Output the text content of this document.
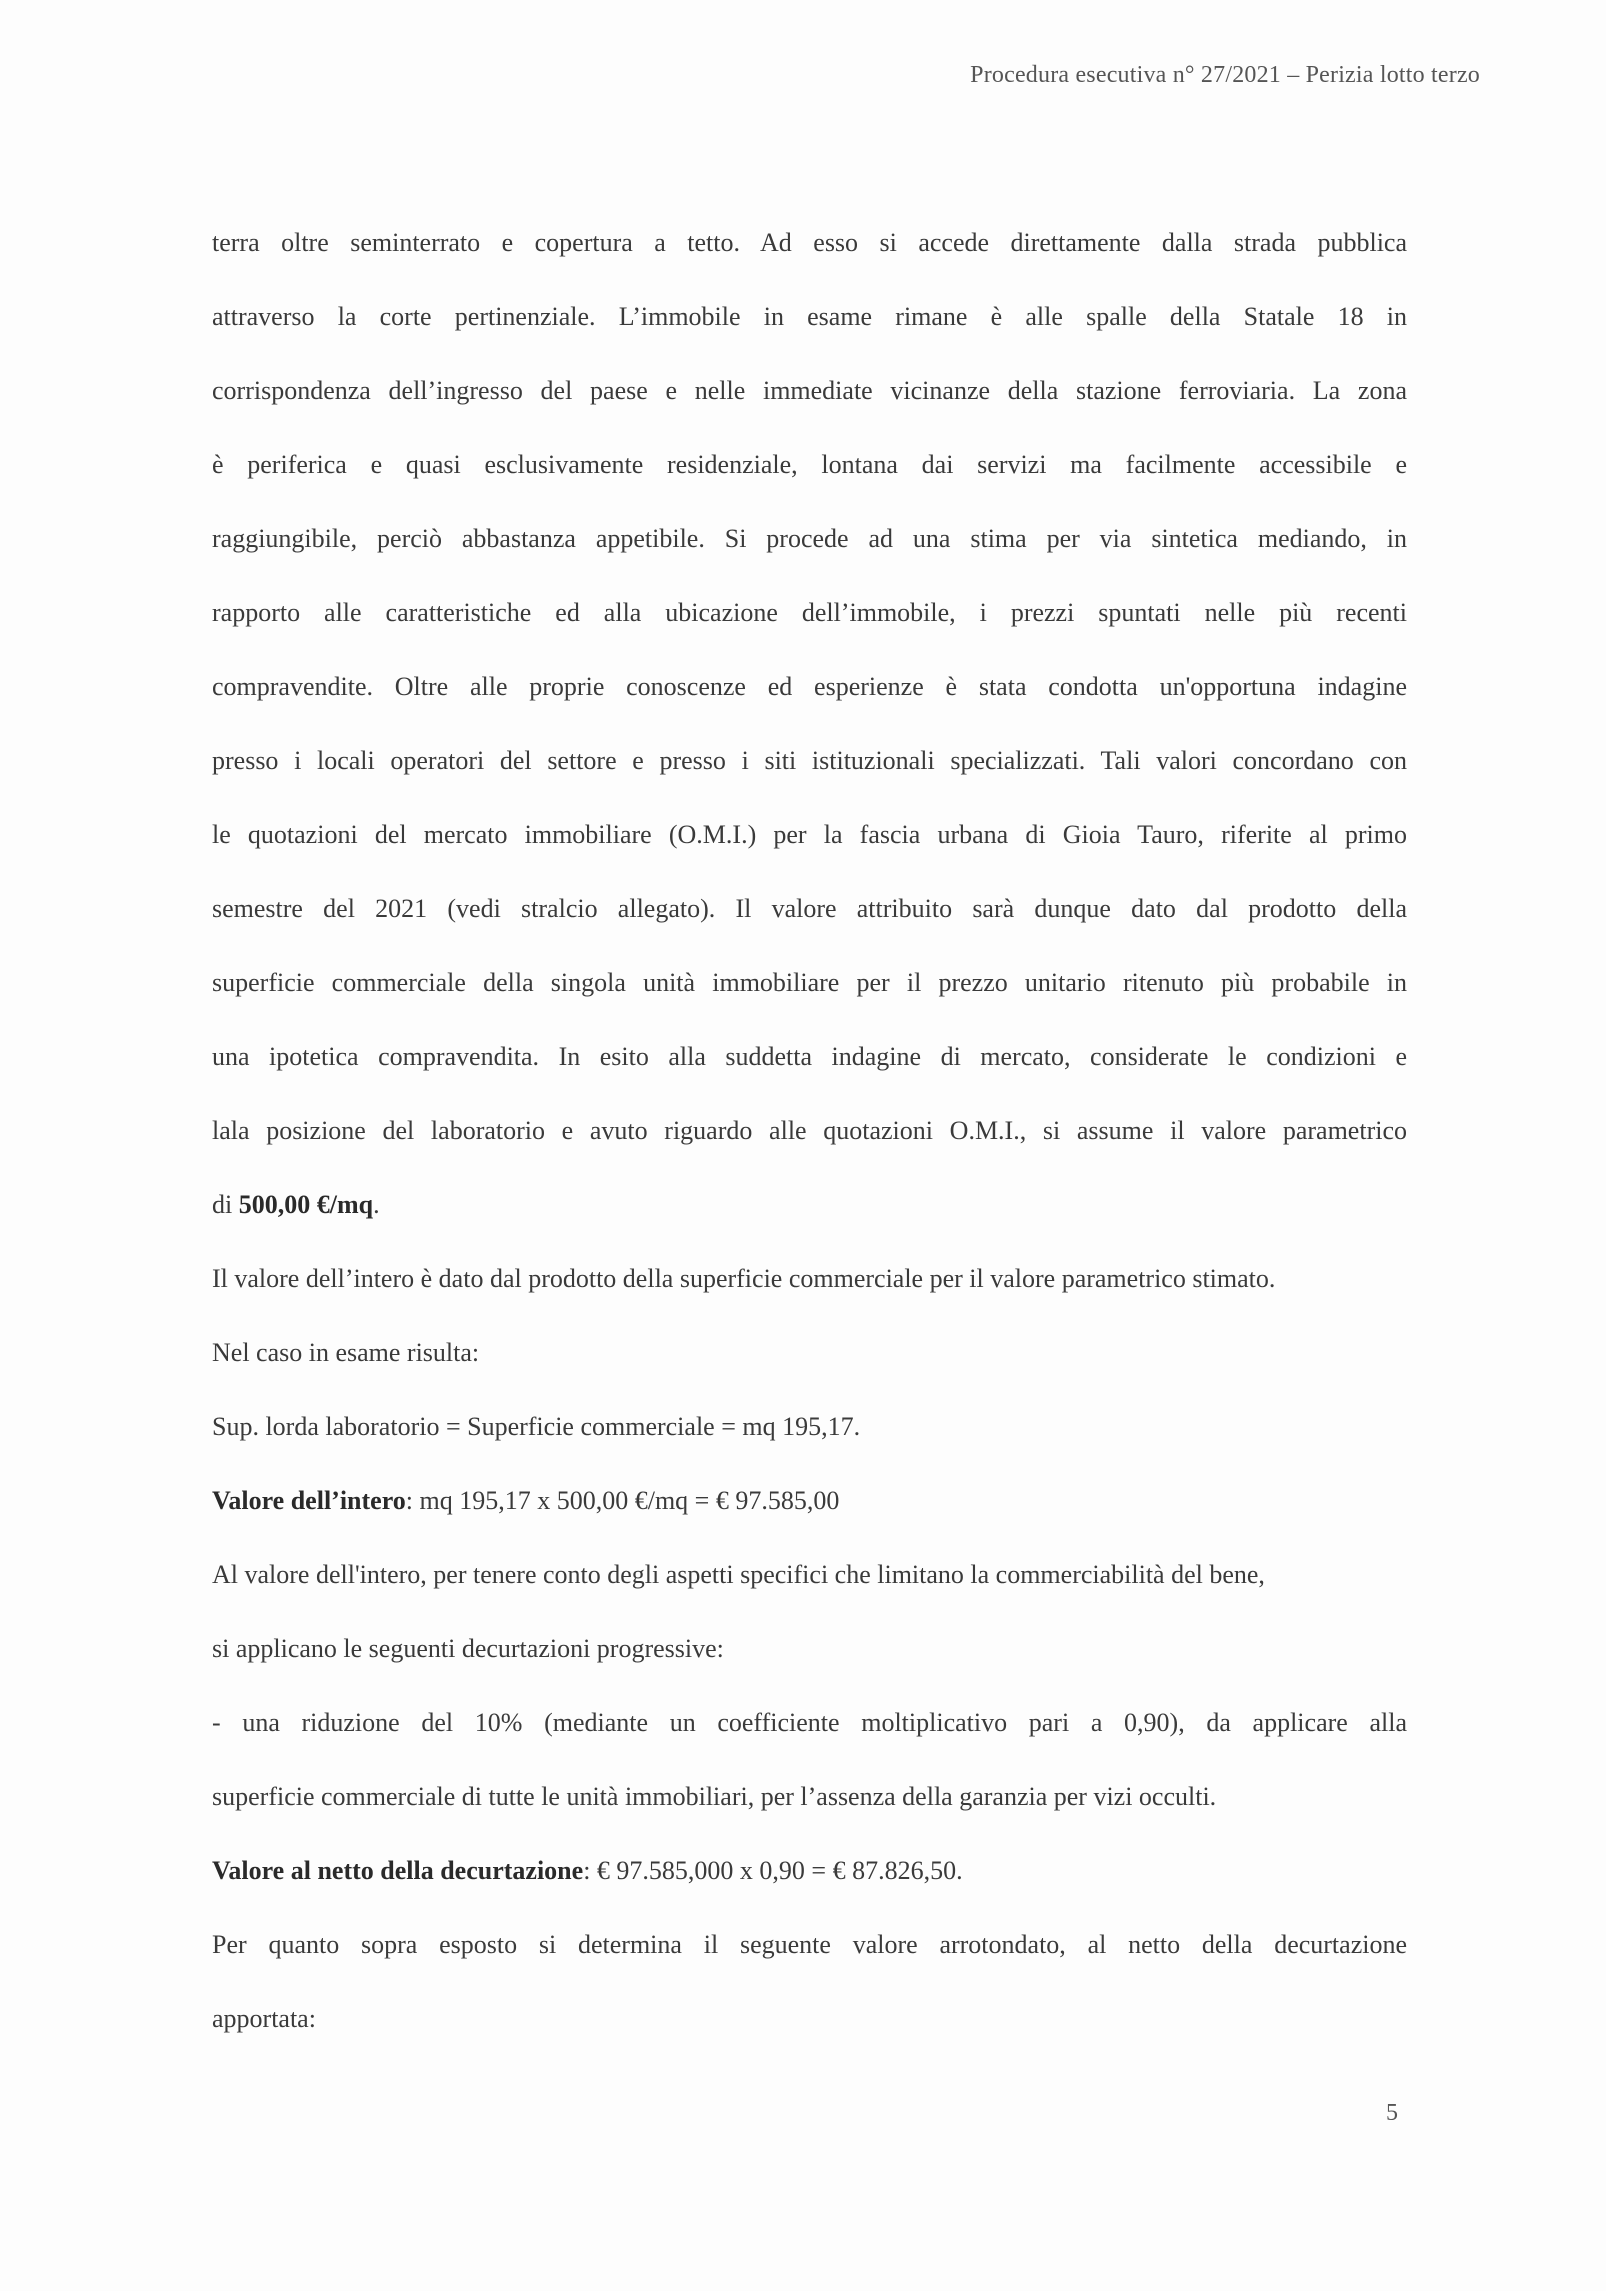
Procedura esecutiva n° 27/2021 – Perizia lotto terzo
terra oltre seminterrato e copertura a tetto. Ad esso si accede direttamente dalla strada pubblica
attraverso la corte pertinenziale. L’immobile in esame rimane è alle spalle della Statale 18 in
corrispondenza dell’ingresso del paese e nelle immediate vicinanze della stazione ferroviaria. La zona
è periferica e quasi esclusivamente residenziale, lontana dai servizi ma facilmente accessibile e
raggiungibile, perciò abbastanza appetibile. Si procede ad una stima per via sintetica mediando, in
rapporto alle caratteristiche ed alla ubicazione dell’immobile, i prezzi spuntati nelle più recenti
compravendite. Oltre alle proprie conoscenze ed esperienze è stata condotta un'opportuna indagine
presso i locali operatori del settore e presso i siti istituzionali specializzati. Tali valori concordano con
le quotazioni del mercato immobiliare (O.M.I.) per la fascia urbana di Gioia Tauro, riferite al primo
semestre del 2021 (vedi stralcio allegato). Il valore attribuito sarà dunque dato dal prodotto della
superficie commerciale della singola unità immobiliare per il prezzo unitario ritenuto più probabile in
una ipotetica compravendita. In esito alla suddetta indagine di mercato, considerate le condizioni e
lala posizione del laboratorio e avuto riguardo alle quotazioni O.M.I., si assume il valore parametrico
di 500,00 €/mq.
Il valore dell’intero è dato dal prodotto della superficie commerciale per il valore parametrico stimato.
Nel caso in esame risulta:
Sup. lorda laboratorio = Superficie commerciale = mq 195,17.
Valore dell’intero: mq 195,17 x 500,00 €/mq = € 97.585,00
Al valore dell'intero, per tenere conto degli aspetti specifici che limitano la commerciabilità del bene,
si applicano le seguenti decurtazioni progressive:
- una riduzione del 10% (mediante un coefficiente moltiplicativo pari a 0,90), da applicare alla
superficie commerciale di tutte le unità immobiliari, per l’assenza della garanzia per vizi occulti.
Valore al netto della decurtazione: € 97.585,000 x 0,90 = € 87.826,50.
Per quanto sopra esposto si determina il seguente valore arrotondato, al netto della decurtazione
apportata:
5
